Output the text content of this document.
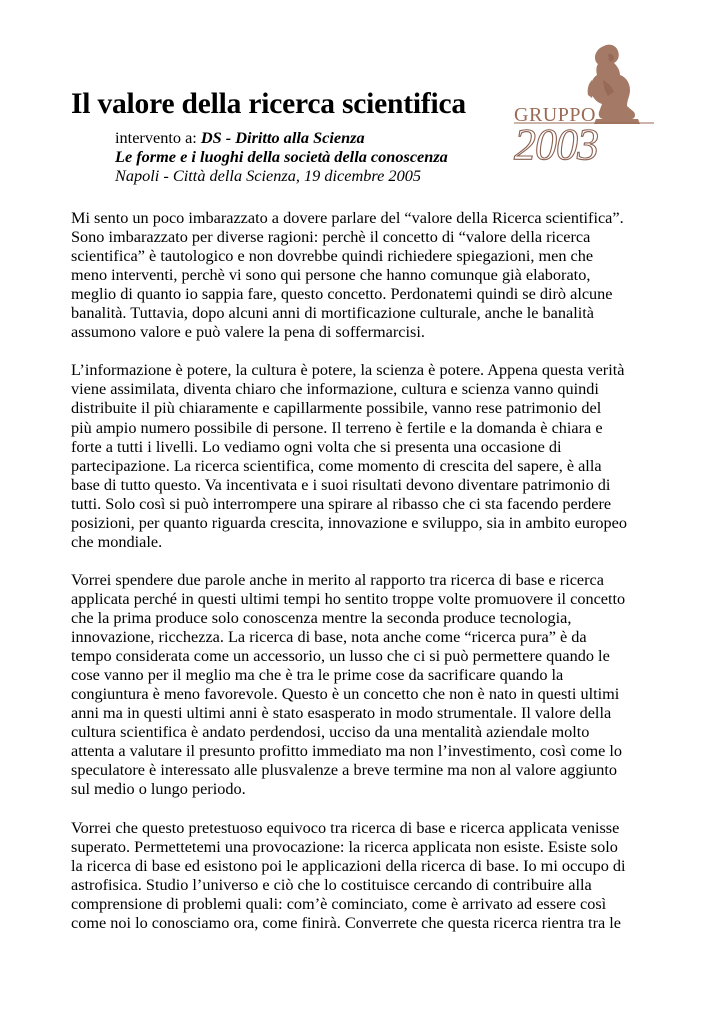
Il valore della ricerca scientifica
intervento a: DS - Diritto alla Scienza
Le forme e i luoghi della società della conoscenza
Napoli - Città della Scienza, 19 dicembre 2005
GRUPPO
2003
Mi sento un poco imbarazzato a dovere parlare del “valore della Ricerca scientifica”.
Sono imbarazzato per diverse ragioni: perchè il concetto di “valore della ricerca
scientifica” è tautologico e non dovrebbe quindi richiedere spiegazioni, men che
meno interventi, perchè vi sono qui persone che hanno comunque già elaborato,
meglio di quanto io sappia fare, questo concetto. Perdonatemi quindi se dirò alcune
banalità. Tuttavia, dopo alcuni anni di mortificazione culturale, anche le banalità
assumono valore e può valere la pena di soffermarcisi.
L’informazione è potere, la cultura è potere, la scienza è potere. Appena questa verità
viene assimilata, diventa chiaro che informazione, cultura e scienza vanno quindi
distribuite il più chiaramente e capillarmente possibile, vanno rese patrimonio del
più ampio numero possibile di persone. Il terreno è fertile e la domanda è chiara e
forte a tutti i livelli. Lo vediamo ogni volta che si presenta una occasione di
partecipazione. La ricerca scientifica, come momento di crescita del sapere, è alla
base di tutto questo. Va incentivata e i suoi risultati devono diventare patrimonio di
tutti. Solo così si può interrompere una spirare al ribasso che ci sta facendo perdere
posizioni, per quanto riguarda crescita, innovazione e sviluppo, sia in ambito europeo
che mondiale.
Vorrei spendere due parole anche in merito al rapporto tra ricerca di base e ricerca
applicata perché in questi ultimi tempi ho sentito troppe volte promuovere il concetto
che la prima produce solo conoscenza mentre la seconda produce tecnologia,
innovazione, ricchezza. La ricerca di base, nota anche come “ricerca pura” è da
tempo considerata come un accessorio, un lusso che ci si può permettere quando le
cose vanno per il meglio ma che è tra le prime cose da sacrificare quando la
congiuntura è meno favorevole. Questo è un concetto che non è nato in questi ultimi
anni ma in questi ultimi anni è stato esasperato in modo strumentale. Il valore della
cultura scientifica è andato perdendosi, ucciso da una mentalità aziendale molto
attenta a valutare il presunto profitto immediato ma non l’investimento, così come lo
speculatore è interessato alle plusvalenze a breve termine ma non al valore aggiunto
sul medio o lungo periodo.
Vorrei che questo pretestuoso equivoco tra ricerca di base e ricerca applicata venisse
superato. Permettetemi una provocazione: la ricerca applicata non esiste. Esiste solo
la ricerca di base ed esistono poi le applicazioni della ricerca di base. Io mi occupo di
astrofisica. Studio l’universo e ciò che lo costituisce cercando di contribuire alla
comprensione di problemi quali: com’è cominciato, come è arrivato ad essere così
come noi lo conosciamo ora, come finirà. Converrete che questa ricerca rientra tra le
